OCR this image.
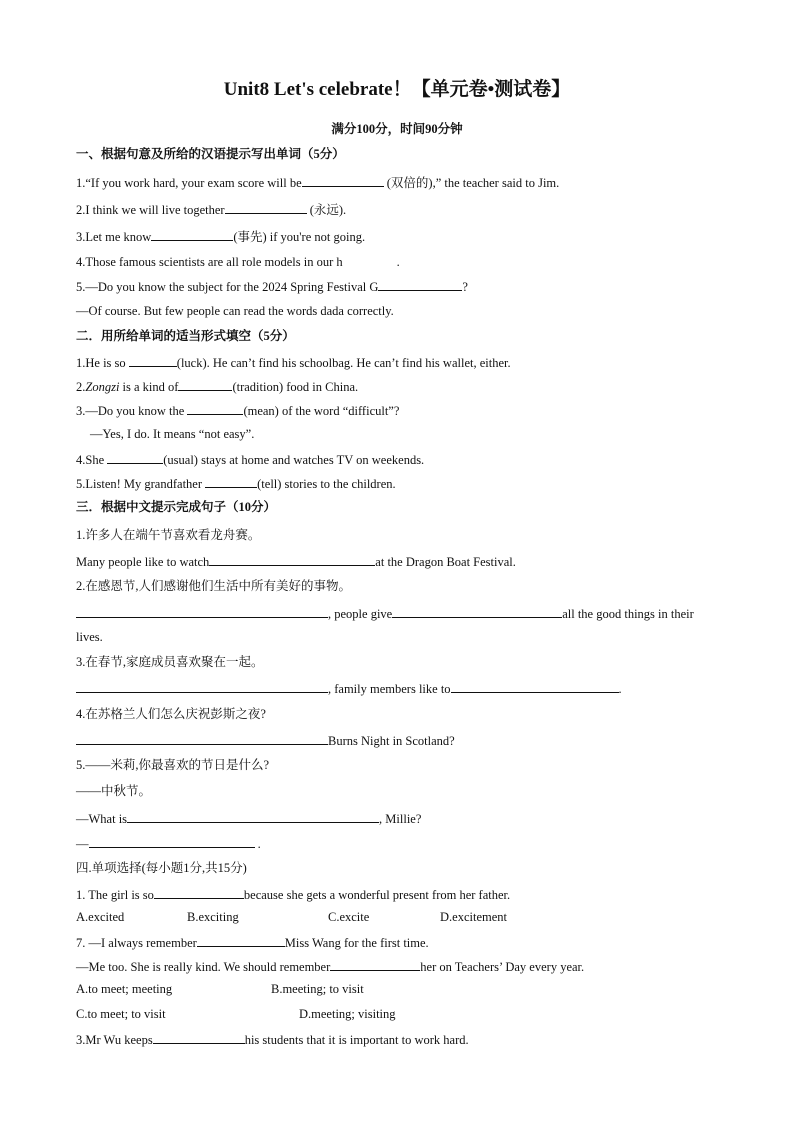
Unit8 Let's celebrate！【单元卷•测试卷】
满分100分，时间90分钟
一、根据句意及所给的汉语提示写出单词（5分）
1.“If you work hard, your exam score will be	(双倍的),” the teacher said to Jim.
2.I think we will live together	(永远).
3.Let me know	(事先) if you're not going.
4.Those famous scientists are all role models in our h	.
5.—Do you know the subject for the 2024 Spring Festival G	?
—Of course. But few people can read the words dada correctly.
二．用所给单词的适当形式填空（5分）
1.He is so	(luck). He can’t find his schoolbag. He can’t find his wallet, either.
2.Zongzi is a kind of	(tradition) food in China.
3.—Do you know the	(mean) of the word “difficult”?
—Yes, I do. It means “not easy”.
4.She	(usual) stays at home and watches TV on weekends.
5.Listen! My grandfather	(tell) stories to the children.
三．根据中文提示完成句子（10分）
1.许多人在端午节喜欢看龙舟赛。
Many people like to watch	at the Dragon Boat Festival.
2.在感恩节,人们感谢他们生活中所有美好的事物。
, people give	all the good things in their
lives.
3.在春节,家庭成员喜欢聚在一起。
, family members like to	.
4.在苏格兰人们怎么庆祝彭斯之夜?
Burns Night in Scotland?
5.——米莉,你最喜欢的节日是什么?
——中秋节。
—What is	, Millie?
—	.
四.单项选择(每小题1分,共15分)
1. The girl is so	because she gets a wonderful present from her father.
A.excited	B.exciting	C.excite	D.excitement
7. —I always remember	Miss Wang for the first time.
—Me too. She is really kind. We should remember	her on Teachers’ Day every year.
A.to meet; meeting	B.meeting; to visit
C.to meet; to visit	D.meeting; visiting
3.Mr Wu keeps	his students that it is important to work hard.
